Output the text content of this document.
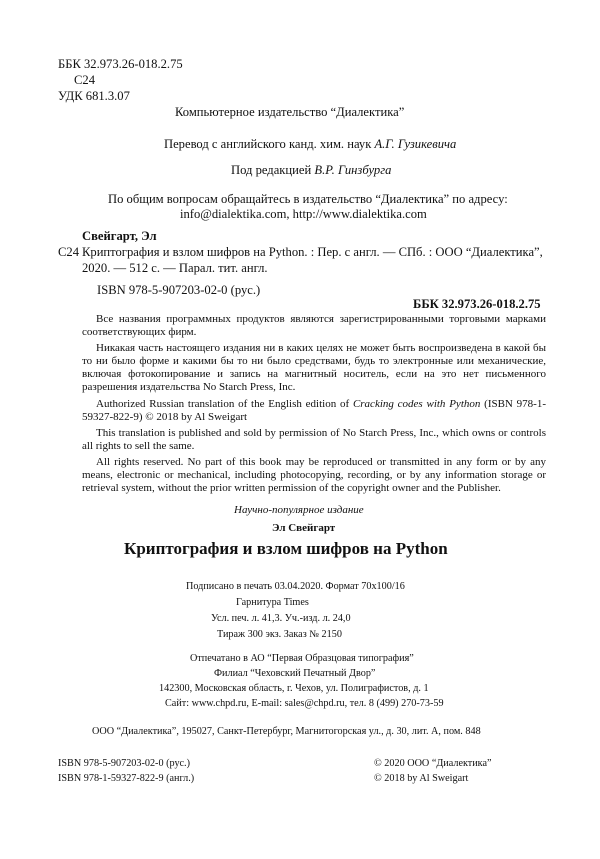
ББК 32.973.26-018.2.75
С24
УДК 681.3.07
Компьютерное издательство “Диалектика”
Перевод с английского канд. хим. наук А.Г. Гузикевича
Под редакцией В.Р. Гинзбурга
По общим вопросам обращайтесь в издательство “Диалектика” по адресу:
info@dialektika.com, http://www.dialektika.com
Свейгарт, Эл
С24 Криптография и взлом шифров на Python. : Пер. с англ. — СПб. : ООО “Диалектика”,
2020. — 512 с. — Парал. тит. англ.
ISBN 978-5-907203-02-0 (рус.)
ББК 32.973.26-018.2.75
Все названия программных продуктов являются зарегистрированными торговыми марками соответствующих фирм.
Никакая часть настоящего издания ни в каких целях не может быть воспроизведена в какой бы то ни было форме и какими бы то ни было средствами, будь то электронные или механические, включая фотокопирование и запись на магнитный носитель, если на это нет письменного разрешения издательства No Starch Press, Inc.
Authorized Russian translation of the English edition of Cracking codes with Python (ISBN 978-1-59327-822-9) © 2018 by Al Sweigart
This translation is published and sold by permission of No Starch Press, Inc., which owns or controls all rights to sell the same.
All rights reserved. No part of this book may be reproduced or transmitted in any form or by any means, electronic or mechanical, including photocopying, recording, or by any information storage or retrieval system, without the prior written permission of the copyright owner and the Publisher.
Научно-популярное издание
Эл Свейгарт
Криптография и взлом шифров на Python
Подписано в печать 03.04.2020. Формат 70x100/16
Гарнитура Times
Усл. печ. л. 41,3. Уч.-изд. л. 24,0
Тираж 300 экз. Заказ № 2150
Отпечатано в АО “Первая Образцовая типография”
Филиал “Чеховский Печатный Двор”
142300, Московская область, г. Чехов, ул. Полиграфистов, д. 1
Сайт: www.chpd.ru, E-mail: sales@chpd.ru, тел. 8 (499) 270-73-59
ООО “Диалектика”, 195027, Санкт-Петербург, Магнитогорская ул., д. 30, лит. А, пом. 848
ISBN 978-5-907203-02-0 (рус.)
ISBN 978-1-59327-822-9 (англ.)
© 2020 ООО “Диалектика”
© 2018 by Al Sweigart
